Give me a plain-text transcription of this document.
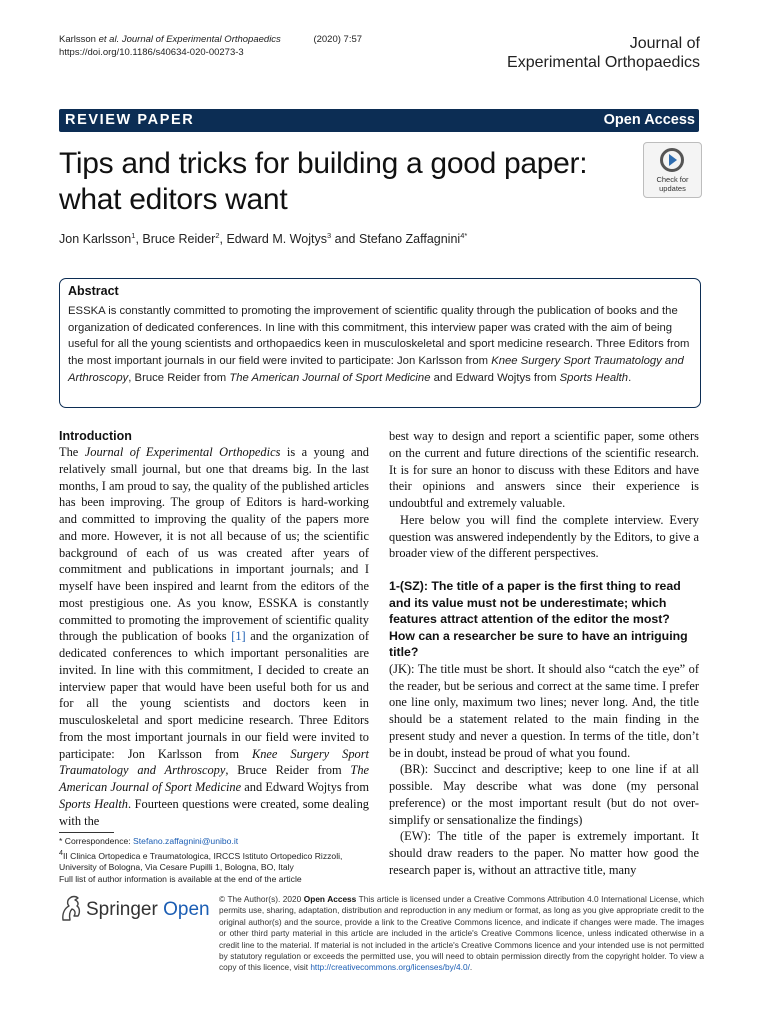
Karlsson et al. Journal of Experimental Orthopaedics	(2020) 7:57
https://doi.org/10.1186/s40634-020-00273-3
Journal of
Experimental Orthopaedics
REVIEW PAPER	Open Access
Tips and tricks for building a good paper:
what editors want
Check for
updates
Jon Karlsson$^1$, Bruce Reider$^2$, Edward M. Wojtys$^3$ and Stefano Zaffagnini$^{4*}$
Abstract

ESSKA is constantly committed to promoting the improvement of scientific quality through the publication of books and the organization of dedicated conferences. In line with this commitment, this interview paper was crated with the aim of being useful for all the young scientists and orthopaedics keen in musculoskeletal and sport medicine research. Three Editors from the most important journals in our field were invited to participate: Jon Karlsson from Knee Surgery Sport Traumatology and Arthroscopy, Bruce Reider from The American Journal of Sport Medicine and Edward Wojtys from Sports Health.

Introduction

The Journal of Experimental Orthopedics is a young and relatively small journal, but one that dreams big. In the last months, I am proud to say, the quality of the published articles has been improving. The group of Editors is hard-working and committed to improving the quality of the papers more and more. However, it is not all because of us; the scientific background of each of us was created after years of commitment and publications in important journals; and I myself have been inspired and learnt from the editors of the most prestigious one. As you know, ESSKA is constantly committed to promoting the improvement of scientific quality through the publication of books [1] and the organization of dedicated conferences to which important personalities are invited. In line with this commitment, I decided to create an interview paper that would have been useful both for us and for all the young scientists and doctors keen in musculoskeletal and sport medicine research. Three Editors from the most important journals in our field were invited to participate: Jon Karlsson from Knee Surgery Sport Traumatology and Arthroscopy, Bruce Reider from The American Journal of Sport Medicine and Edward Wojtys from Sports Health. Fourteen questions were created, some dealing with the

best way to design and report a scientific paper, some others on the current and future directions of the scientific research. It is for sure an honor to discuss with these Editors and have their opinions and answers since their experience is undoubtful and extremely valuable.

Here below you will find the complete interview. Every question was answered independently by the Editors, to give a broader view of the different perspectives.

1-(SZ): The title of a paper is the first thing to read and its value must not be underestimate; which features attract attention of the editor the most? How can a researcher be sure to have an intriguing title?

(JK): The title must be short. It should also “catch the eye” of the reader, but be serious and correct at the same time. I prefer one line only, maximum two lines; never long. And, the title should be a statement related to the main finding in the present study and never a question. In terms of the title, don’t be in doubt, instead be proud of what you found.

(BR): Succinct and descriptive; keep to one line if at all possible. May describe what was done (my personal preference) or the most important result (but do not over-simplify or sensationalize the findings)

(EW): The title of the paper is extremely important. It should draw readers to the paper. No matter how good the research paper is, without an attractive title, many

* Correspondence: Stefano.zaffagnini@unibo.it
$^4$II Clinica Ortopedica e Traumatologica, IRCCS Istituto Ortopedico Rizzoli, University of Bologna, Via Cesare Pupilli 1, Bologna, BO, Italy
Full list of author information is available at the end of the article
Springer Open © The Author(s). 2020 Open Access This article is licensed under a Creative Commons Attribution 4.0 International License, which permits use, sharing, adaptation, distribution and reproduction in any medium or format, as long as you give appropriate credit to the original author(s) and the source, provide a link to the Creative Commons licence, and indicate if changes were made. The images or other third party material in this article are included in the article's Creative Commons licence, unless indicated otherwise in a credit line to the material. If material is not included in the article's Creative Commons licence and your intended use is not permitted by statutory regulation or exceeds the permitted use, you will need to obtain permission directly from the copyright holder. To view a copy of this licence, visit http://creativecommons.org/licenses/by/4.0/.
